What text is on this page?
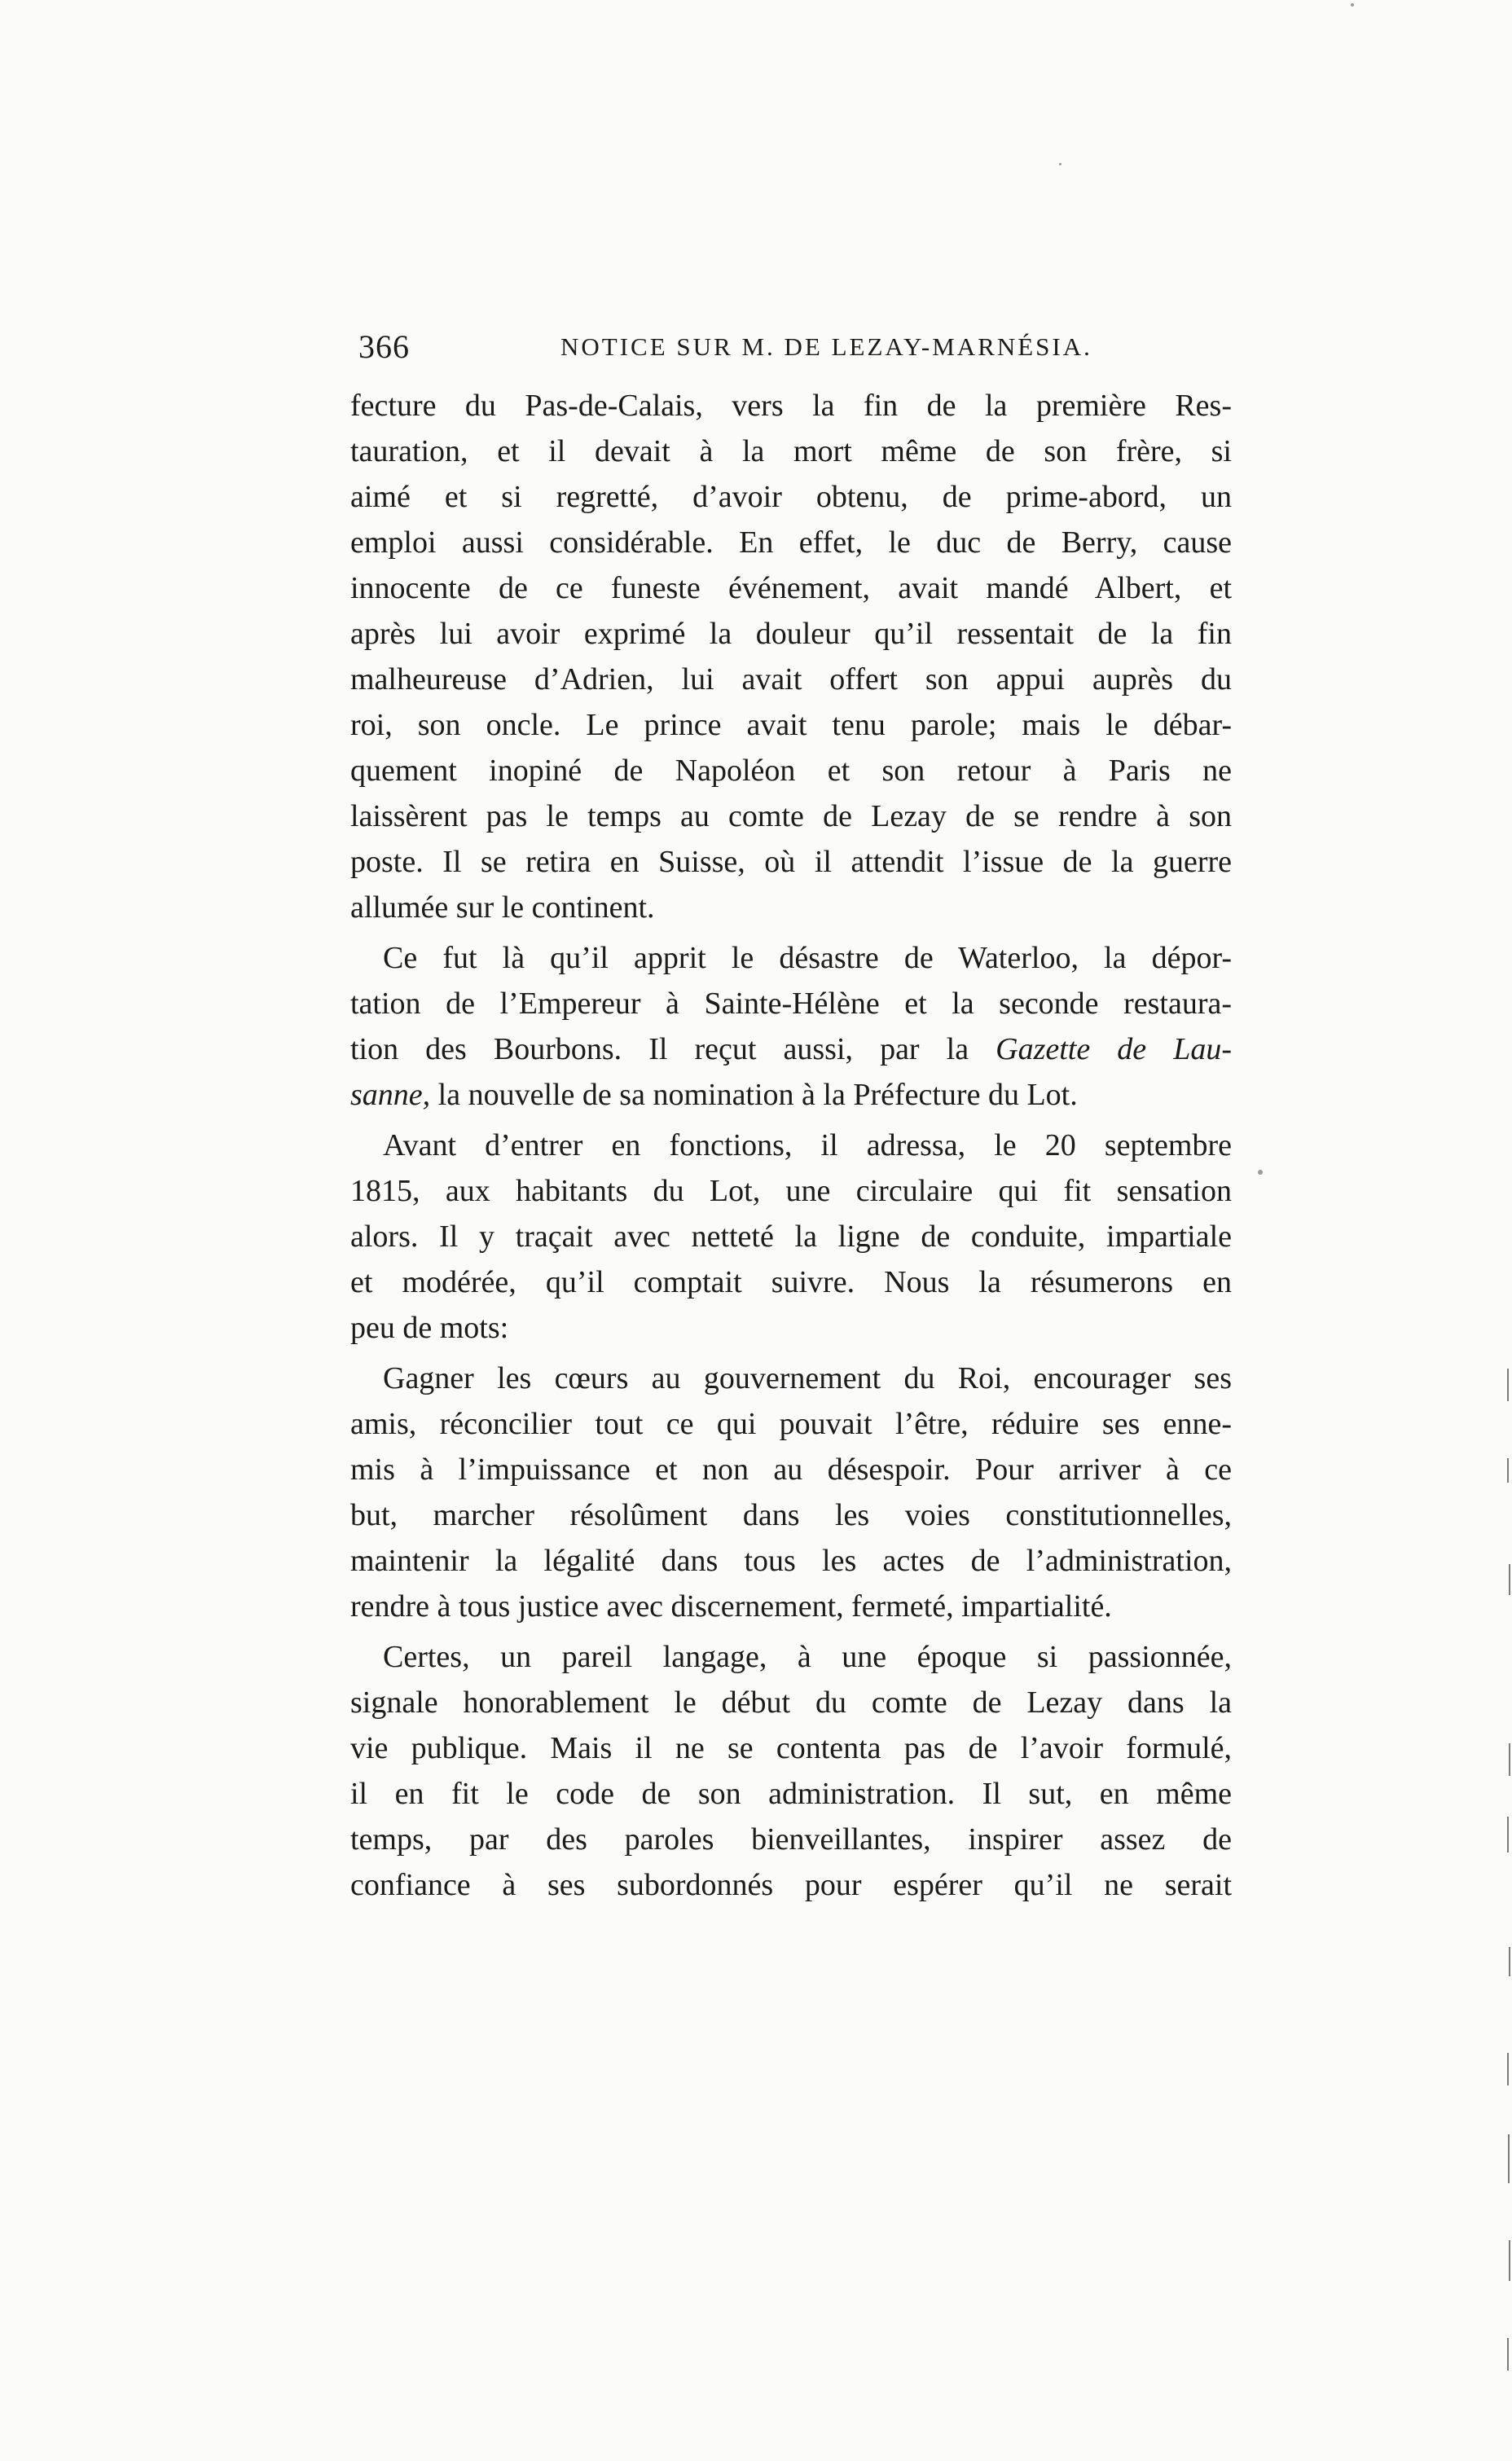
366	NOTICE SUR M. DE LEZAY-MARNÉSIA.
fecture du Pas-de-Calais, vers la fin de la première Res-
tauration, et il devait à la mort même de son frère, si
aimé et si regretté, d’avoir obtenu, de prime-abord, un
emploi aussi considérable. En effet, le duc de Berry, cause
innocente de ce funeste événement, avait mandé Albert, et
après lui avoir exprimé la douleur qu’il ressentait de la fin
malheureuse d’Adrien, lui avait offert son appui auprès du
roi, son oncle. Le prince avait tenu parole; mais le débar-
quement inopiné de Napoléon et son retour à Paris ne
laissèrent pas le temps au comte de Lezay de se rendre à son
poste. Il se retira en Suisse, où il attendit l’issue de la guerre
allumée sur le continent.
Ce fut là qu’il apprit le désastre de Waterloo, la dépor-
tation de l’Empereur à Sainte-Hélène et la seconde restaura-
tion des Bourbons. Il reçut aussi, par la Gazette de Lau-
sanne, la nouvelle de sa nomination à la Préfecture du Lot.
Avant d’entrer en fonctions, il adressa, le 20 septembre
1815, aux habitants du Lot, une circulaire qui fit sensation
alors. Il y traçait avec netteté la ligne de conduite, impartiale
et modérée, qu’il comptait suivre. Nous la résumerons en
peu de mots:
Gagner les cœurs au gouvernement du Roi, encourager ses
amis, réconcilier tout ce qui pouvait l’être, réduire ses enne-
mis à l’impuissance et non au désespoir. Pour arriver à ce
but, marcher résolûment dans les voies constitutionnelles,
maintenir la légalité dans tous les actes de l’administration,
rendre à tous justice avec discernement, fermeté, impartialité.
Certes, un pareil langage, à une époque si passionnée,
signale honorablement le début du comte de Lezay dans la
vie publique. Mais il ne se contenta pas de l’avoir formulé,
il en fit le code de son administration. Il sut, en même
temps, par des paroles bienveillantes, inspirer assez de
confiance à ses subordonnés pour espérer qu’il ne serait
